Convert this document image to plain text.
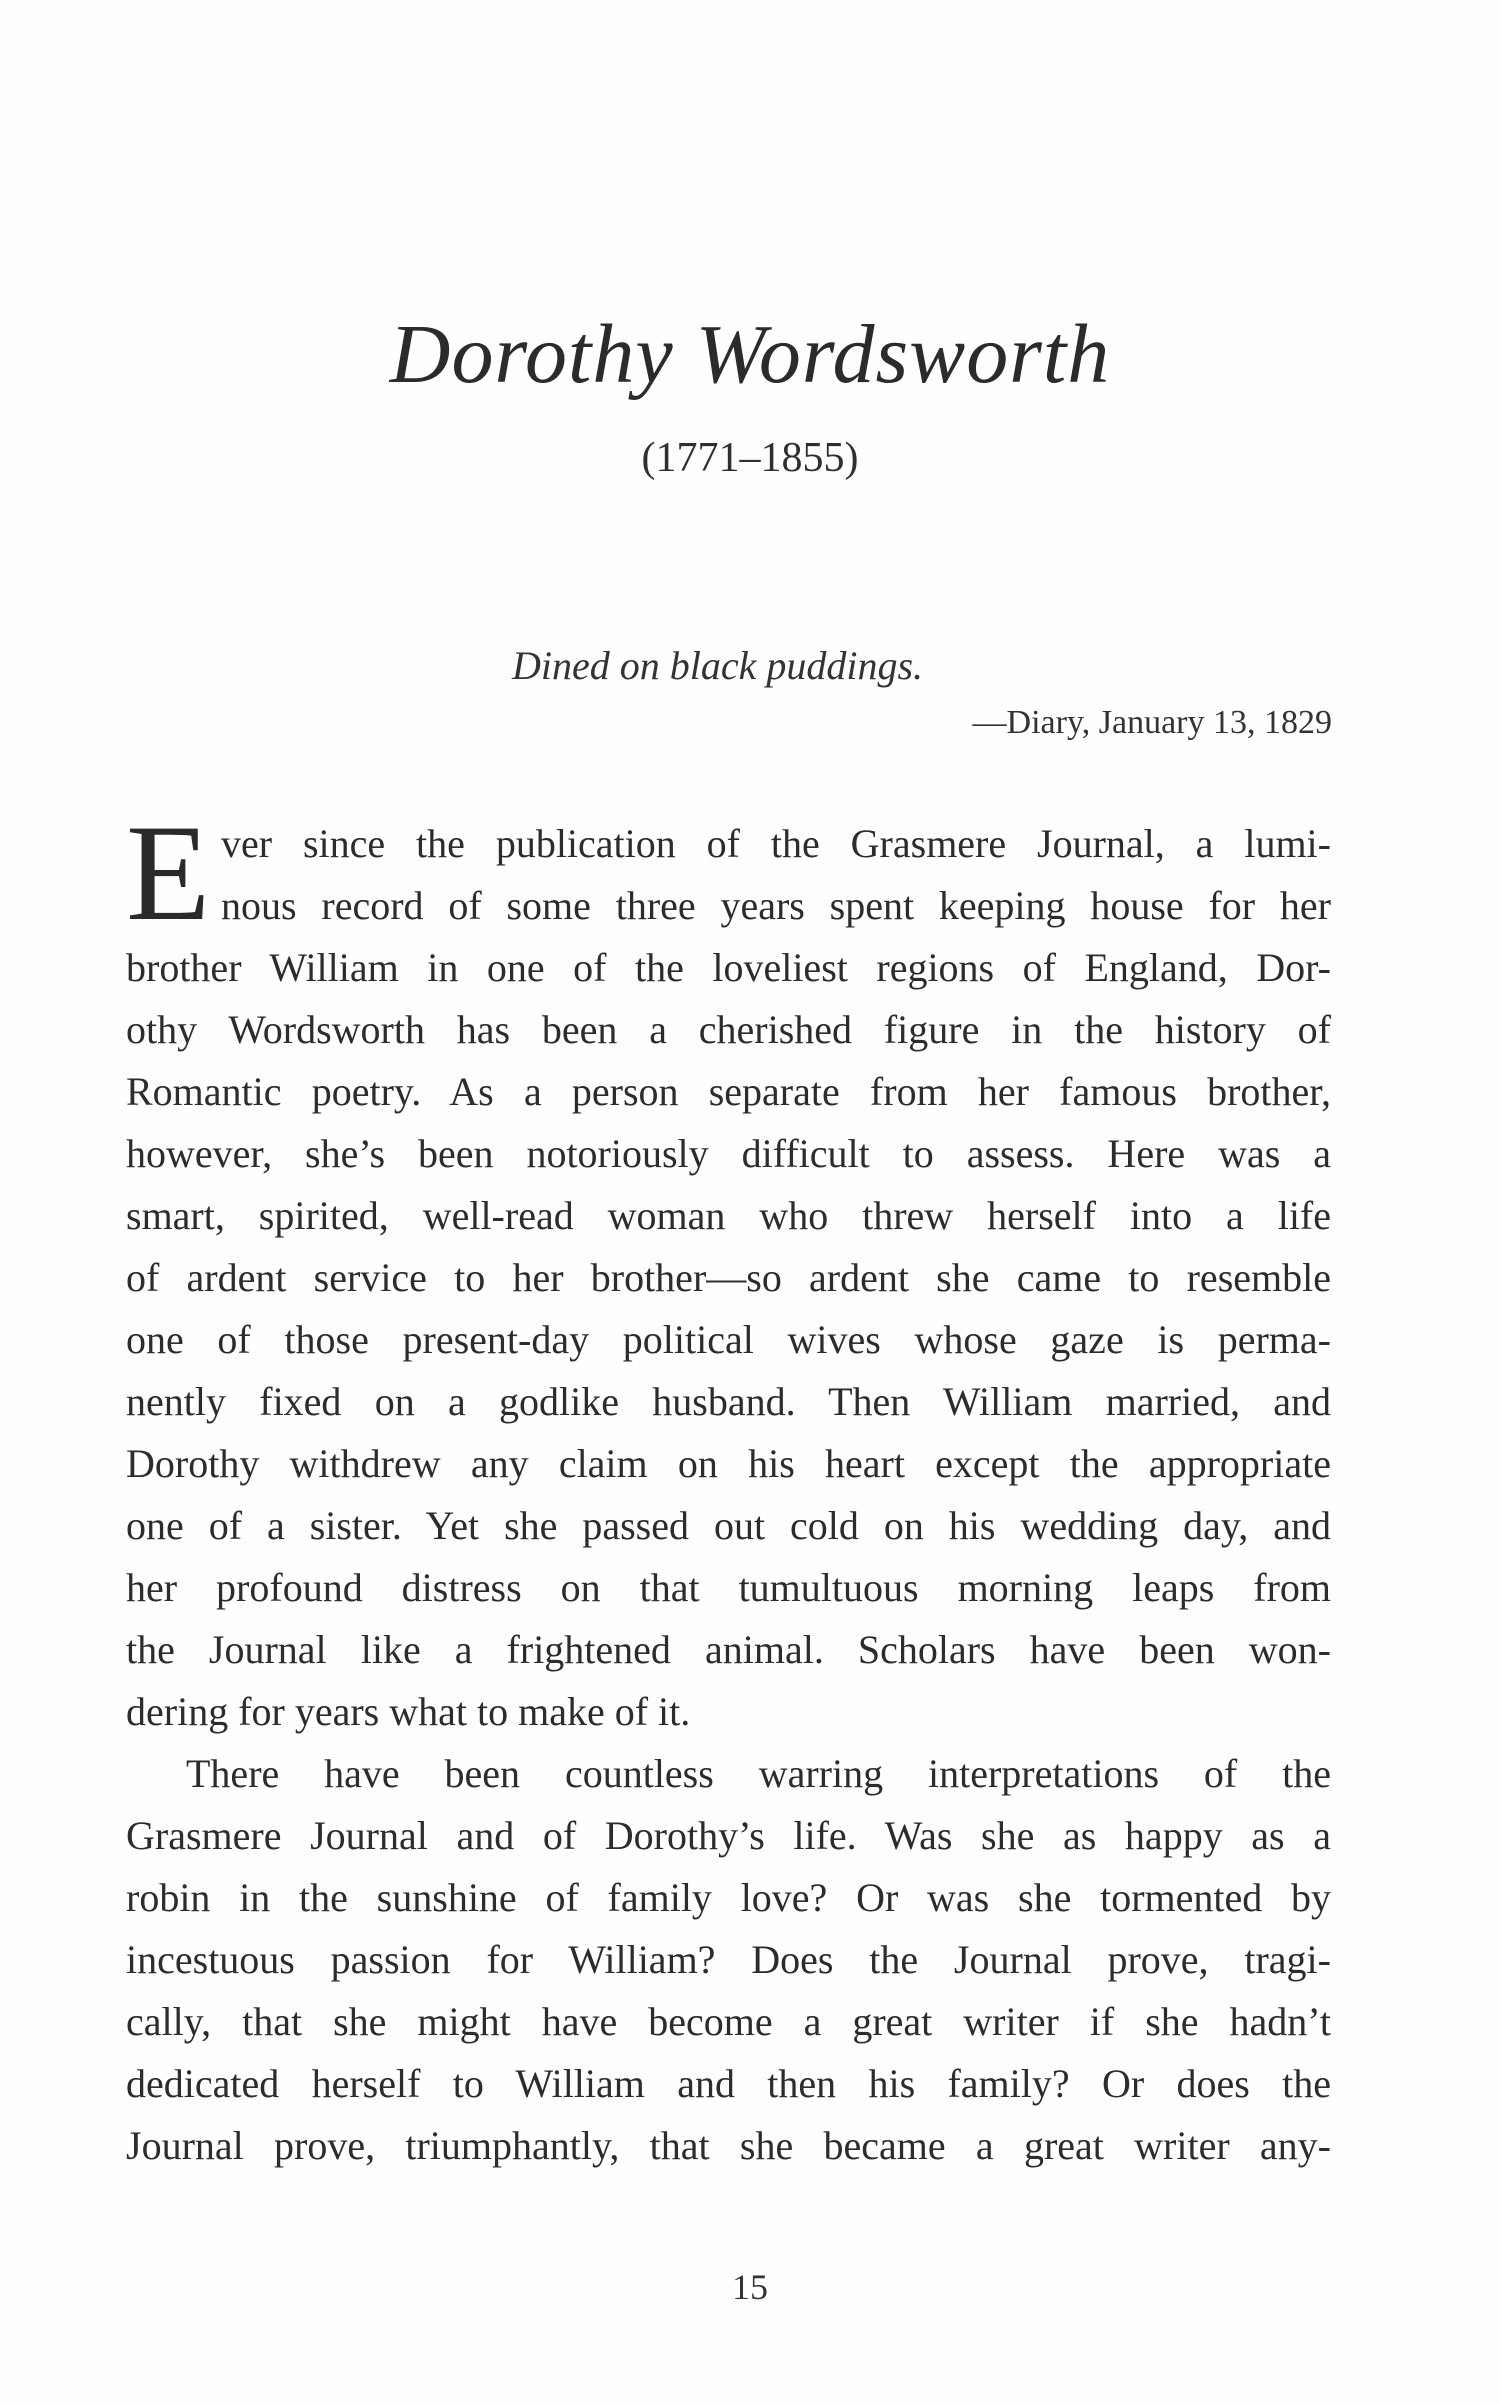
Dorothy Wordsworth
(1771–1855)
Dined on black puddings.
—Diary, January 13, 1829
E ver since the publication of the Grasmere Journal, a lumi-
nous record of some three years spent keeping house for her
brother William in one of the loveliest regions of England, Dor-
othy Wordsworth has been a cherished figure in the history of
Romantic poetry. As a person separate from her famous brother,
however, she’s been notoriously difficult to assess. Here was a
smart, spirited, well-read woman who threw herself into a life
of ardent service to her brother—so ardent she came to resemble
one of those present-day political wives whose gaze is perma-
nently fixed on a godlike husband. Then William married, and
Dorothy withdrew any claim on his heart except the appropriate
one of a sister. Yet she passed out cold on his wedding day, and
her profound distress on that tumultuous morning leaps from
the Journal like a frightened animal. Scholars have been won-
dering for years what to make of it.
There have been countless warring interpretations of the
Grasmere Journal and of Dorothy’s life. Was she as happy as a
robin in the sunshine of family love? Or was she tormented by
incestuous passion for William? Does the Journal prove, tragi-
cally, that she might have become a great writer if she hadn’t
dedicated herself to William and then his family? Or does the
Journal prove, triumphantly, that she became a great writer any-
15
